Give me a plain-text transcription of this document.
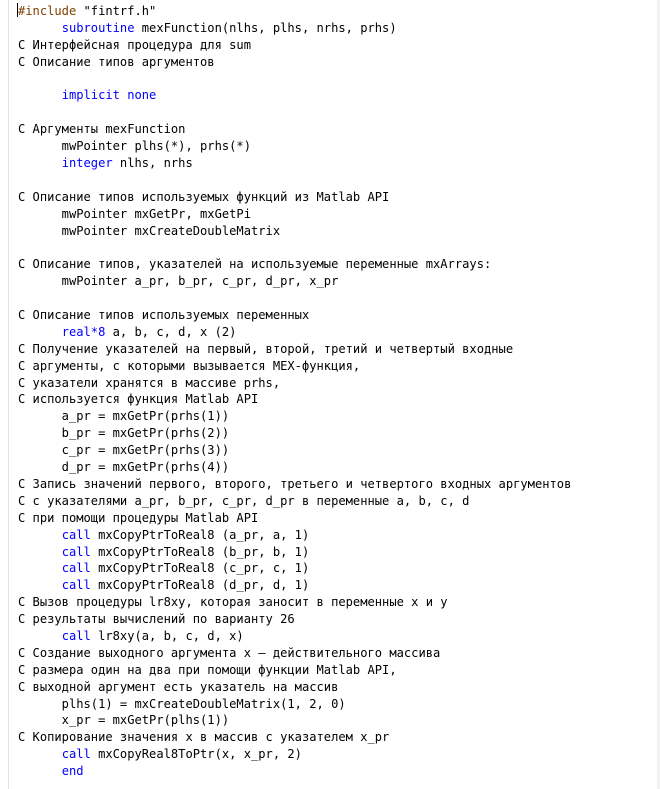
#include "fintrf.h"
subroutine mexFunction(nlhs, plhs, nrhs, prhs)
C Интерфейсная процедура для sum
C Описание типов аргументов
implicit none
C Аргументы mexFunction
mwPointer plhs(*), prhs(*)
integer nlhs, nrhs
C Описание типов используемых функций из Matlab API
mwPointer mxGetPr, mxGetPi
mwPointer mxCreateDoubleMatrix
C Описание типов, указателей на используемые переменные mxArrays:
mwPointer a_pr, b_pr, c_pr, d_pr, x_pr
C Описание типов используемых переменных
real*8 a, b, c, d, x (2)
C Получение указателей на первый, второй, третий и четвертый входные
C аргументы, с которыми вызывается MEX-функция,
C указатели хранятся в массиве prhs,
C используется функция Matlab API
a_pr = mxGetPr(prhs(1))
b_pr = mxGetPr(prhs(2))
c_pr = mxGetPr(prhs(3))
d_pr = mxGetPr(prhs(4))
C Запись значений первого, второго, третьего и четвертого входных аргументов
C с указателями a_pr, b_pr, c_pr, d_pr в переменные a, b, c, d
C при помощи процедуры Matlab API
call mxCopyPtrToReal8 (a_pr, a, 1)
call mxCopyPtrToReal8 (b_pr, b, 1)
call mxCopyPtrToReal8 (c_pr, c, 1)
call mxCopyPtrToReal8 (d_pr, d, 1)
C Вызов процедуры lr8xy, которая заносит в переменные x и y
C результаты вычислений по варианту 26
call lr8xy(a, b, c, d, x)
C Создание выходного аргумента x — действительного массива
C размера один на два при помощи функции Matlab API,
C выходной аргумент есть указатель на массив
plhs(1) = mxCreateDoubleMatrix(1, 2, 0)
x_pr = mxGetPr(plhs(1))
C Копирование значения x в массив с указателем x_pr
call mxCopyReal8ToPtr(x, x_pr, 2)
end
